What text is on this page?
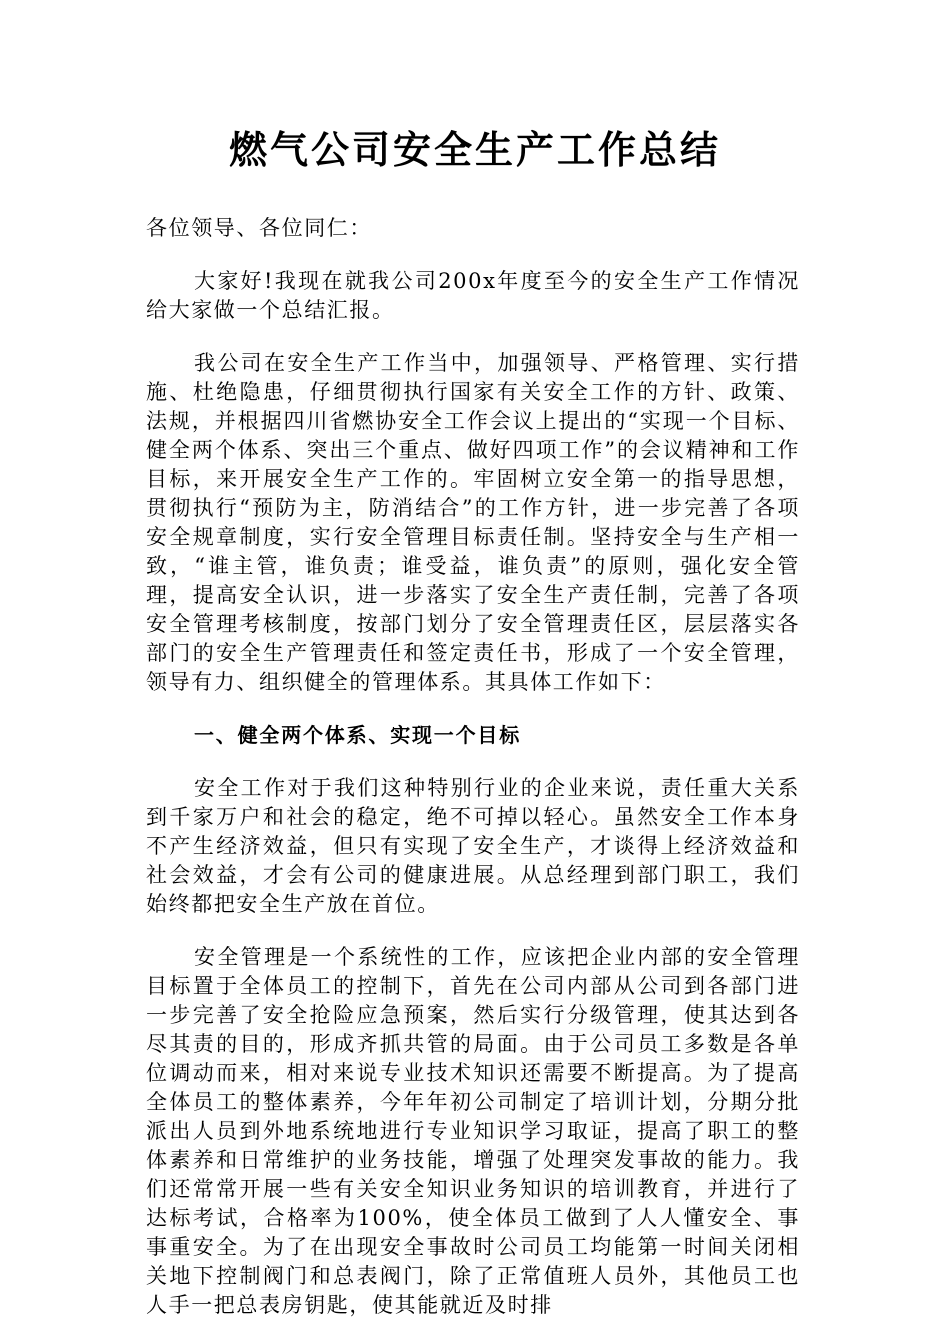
燃气公司安全生产工作总结

各位领导、各位同仁：

大家好!我现在就我公司200x年度至今的安全生产工作情况给大家做一个总结汇报。

我公司在安全生产工作当中，加强领导、严格管理、实行措施、杜绝隐患，仔细贯彻执行国家有关安全工作的方针、政策、法规，并根据四川省燃协安全工作会议上提出的“实现一个目标、健全两个体系、突出三个重点、做好四项工作”的会议精神和工作目标，来开展安全生产工作的。牢固树立安全第一的指导思想，贯彻执行“预防为主，防消结合”的工作方针，进一步完善了各项安全规章制度，实行安全管理目标责任制。坚持安全与生产相一致，“谁主管，谁负责；谁受益，谁负责”的原则，强化安全管理，提高安全认识，进一步落实了安全生产责任制，完善了各项安全管理考核制度，按部门划分了安全管理责任区，层层落实各部门的安全生产管理责任和签定责任书，形成了一个安全管理，领导有力、组织健全的管理体系。其具体工作如下：

一、健全两个体系、实现一个目标

安全工作对于我们这种特别行业的企业来说，责任重大关系到千家万户和社会的稳定，绝不可掉以轻心。虽然安全工作本身不产生经济效益，但只有实现了安全生产，才谈得上经济效益和社会效益，才会有公司的健康进展。从总经理到部门职工，我们始终都把安全生产放在首位。

安全管理是一个系统性的工作，应该把企业内部的安全管理目标置于全体员工的控制下，首先在公司内部从公司到各部门进一步完善了安全抢险应急预案，然后实行分级管理，使其达到各尽其责的目的，形成齐抓共管的局面。由于公司员工多数是各单位调动而来，相对来说专业技术知识还需要不断提高。为了提高全体员工的整体素养，今年年初公司制定了培训计划，分期分批派出人员到外地系统地进行专业知识学习取证，提高了职工的整体素养和日常维护的业务技能，增强了处理突发事故的能力。我们还常常开展一些有关安全知识业务知识的培训教育，并进行了达标考试，合格率为100%，使全体员工做到了人人懂安全、事事重安全。为了在出现安全事故时公司员工均能第一时间关闭相关地下控制阀门和总表阀门，除了正常值班人员外，其他员工也人手一把总表房钥匙，使其能就近及时排
